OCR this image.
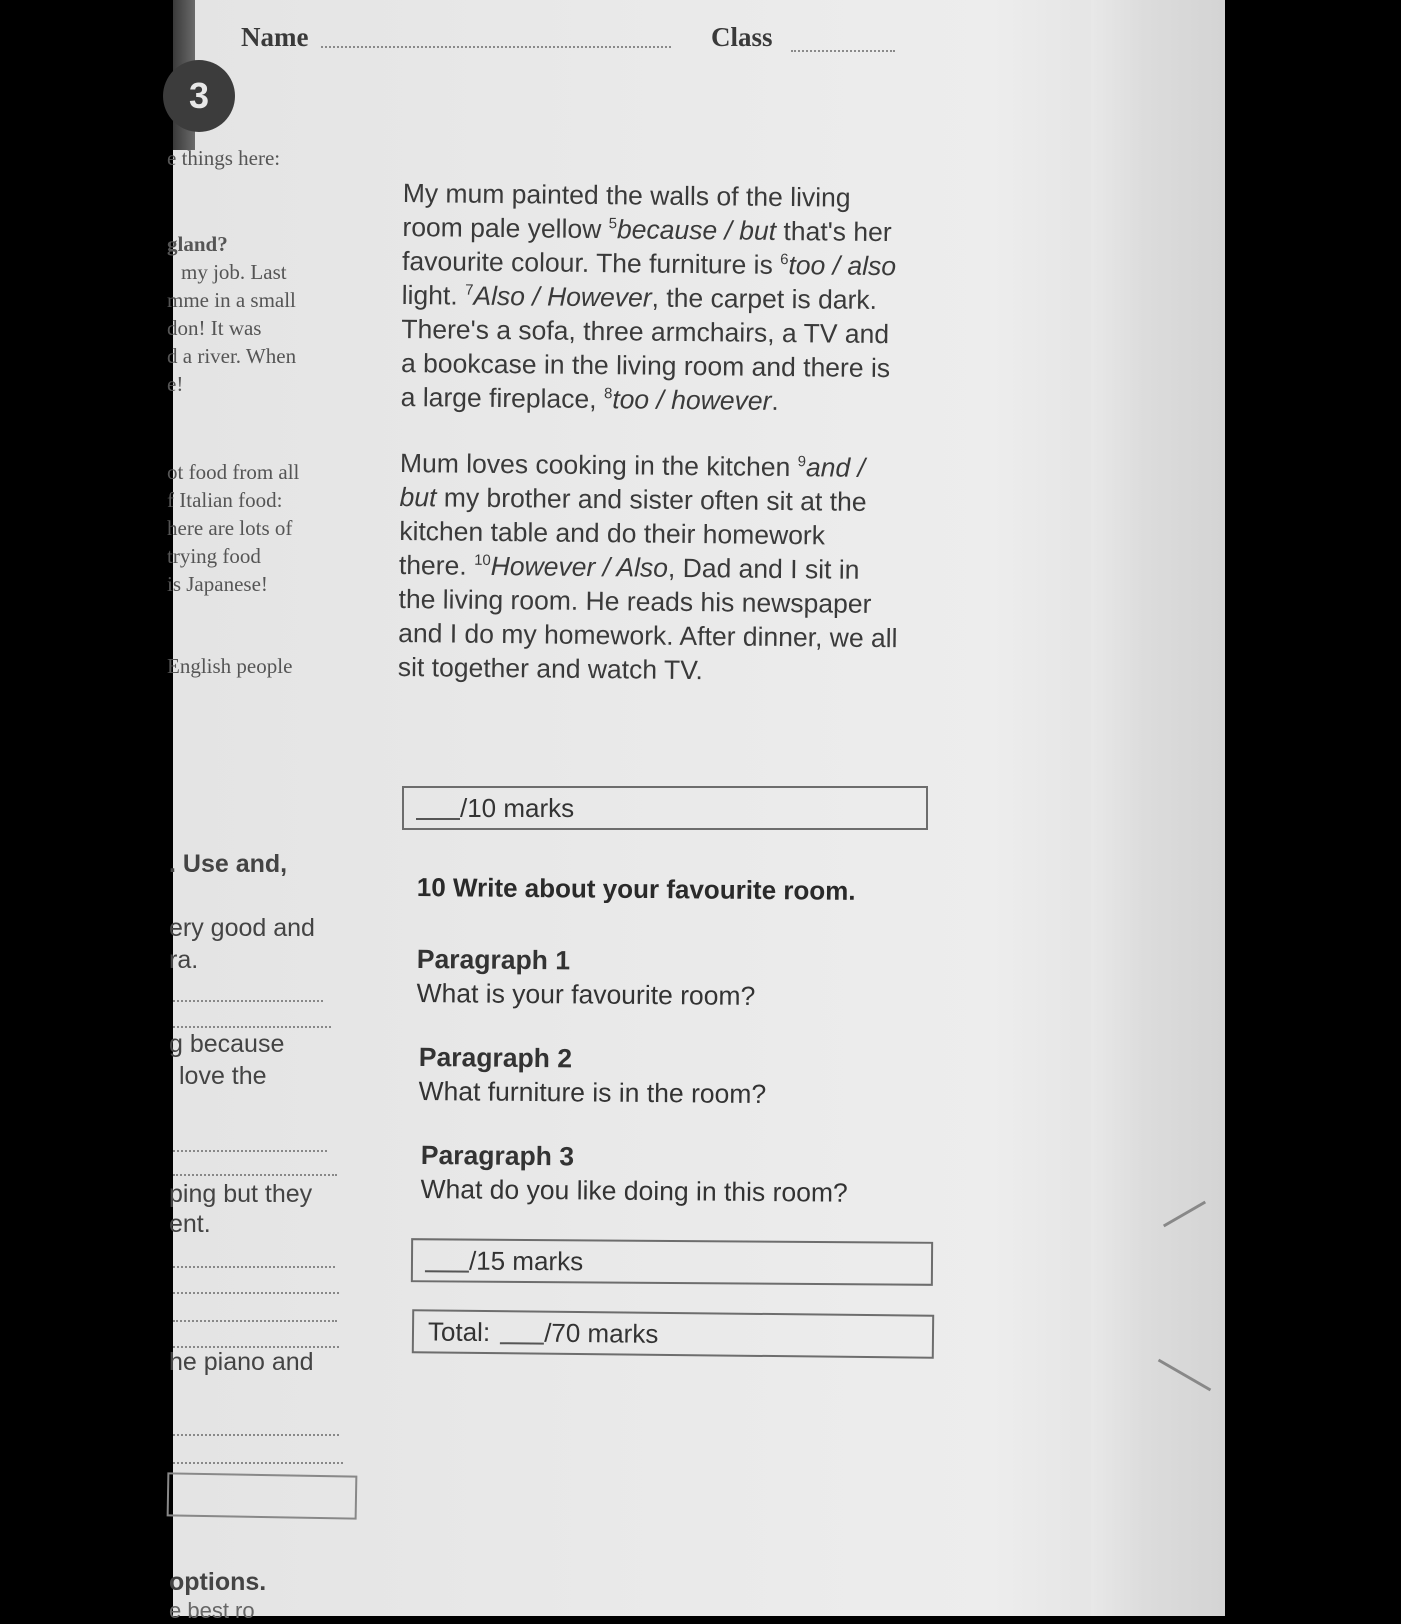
Name	Class
3
e things here:
gland?
my job. Last
mme in a small
don! It was
d a river. When
e!
ot food from all
f Italian food:
here are lots of
trying food
is Japanese!
English people
. Use and,
ery good and
ra.
g because
love the
ping but they
ent.
he piano and
options.
e best ro

My mum painted the walls of the living room pale yellow $^5$because / but that's her favourite colour. The furniture is $^6$too / also light. $^7$Also / However, the carpet is dark. There's a sofa, three armchairs, a TV and a bookcase in the living room and there is a large fireplace, $^8$too / however.

Mum loves cooking in the kitchen $^9$and / but my brother and sister often sit at the kitchen table and do their homework there. $^{10}$However / Also, Dad and I sit in the living room. He reads his newspaper and I do my homework. After dinner, we all sit together and watch TV.

/10 marks
10 Write about your favourite room.
Paragraph 1
What is your favourite room?
Paragraph 2
What furniture is in the room?
Paragraph 3
What do you like doing in this room?
/15 marks
Total: /70 marks
